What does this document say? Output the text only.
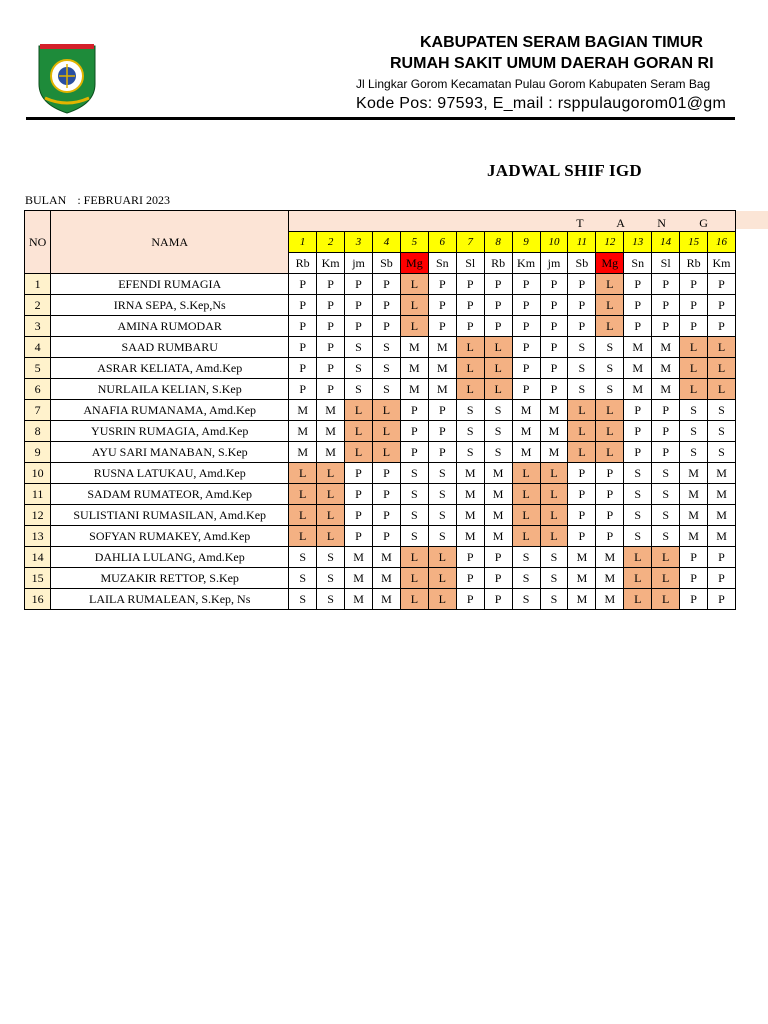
KABUPATEN SERAM BAGIAN TIMUR
RUMAH SAKIT UMUM DAERAH GORAN RI
Jl Lingkar Gorom Kecamatan Pulau Gorom Kabupaten Seram Bag
Kode Pos: 97593, E_mail : rsppulaugorom01@gm
JADWAL SHIF IGD
BULAN : FEBRUARI 2023
NO	NAMA	T A N G															

		1	2	3	4	5	6	7	8	9	10	11	12	13	14	15	16
		Rb	Km	jm	Sb	Mg	Sn	Sl	Rb	Km	jm	Sb	Mg	Sn	Sl	Rb	Km
1	EFENDI RUMAGIA	P	P	P	P	L	P	P	P	P	P	P	L	P	P	P	P
2	IRNA SEPA, S.Kep,Ns	P	P	P	P	L	P	P	P	P	P	P	L	P	P	P	P
3	AMINA RUMODAR	P	P	P	P	L	P	P	P	P	P	P	L	P	P	P	P
4	SAAD RUMBARU	P	P	S	S	M	M	L	L	P	P	S	S	M	M	L	L
5	ASRAR KELIATA, Amd.Kep	P	P	S	S	M	M	L	L	P	P	S	S	M	M	L	L
6	NURLAILA KELIAN, S.Kep	P	P	S	S	M	M	L	L	P	P	S	S	M	M	L	L
7	ANAFIA RUMANAMA, Amd.Kep	M	M	L	L	P	P	S	S	M	M	L	L	P	P	S	S
8	YUSRIN RUMAGIA, Amd.Kep	M	M	L	L	P	P	S	S	M	M	L	L	P	P	S	S
9	AYU SARI MANABAN, S.Kep	M	M	L	L	P	P	S	S	M	M	L	L	P	P	S	S
10	RUSNA LATUKAU, Amd.Kep	L	L	P	P	S	S	M	M	L	L	P	P	S	S	M	M
11	SADAM RUMATEOR, Amd.Kep	L	L	P	P	S	S	M	M	L	L	P	P	S	S	M	M
12	SULISTIANI RUMASILAN, Amd.Kep	L	L	P	P	S	S	M	M	L	L	P	P	S	S	M	M
13	SOFYAN RUMAKEY, Amd.Kep	L	L	P	P	S	S	M	M	L	L	P	P	S	S	M	M
14	DAHLIA LULANG, Amd.Kep	S	S	M	M	L	L	P	P	S	S	M	M	L	L	P	P
15	MUZAKIR RETTOP, S.Kep	S	S	M	M	L	L	P	P	S	S	M	M	L	L	P	P
16	LAILA RUMALEAN, S.Kep, Ns	S	S	M	M	L	L	P	P	S	S	M	M	L	L	P	P
